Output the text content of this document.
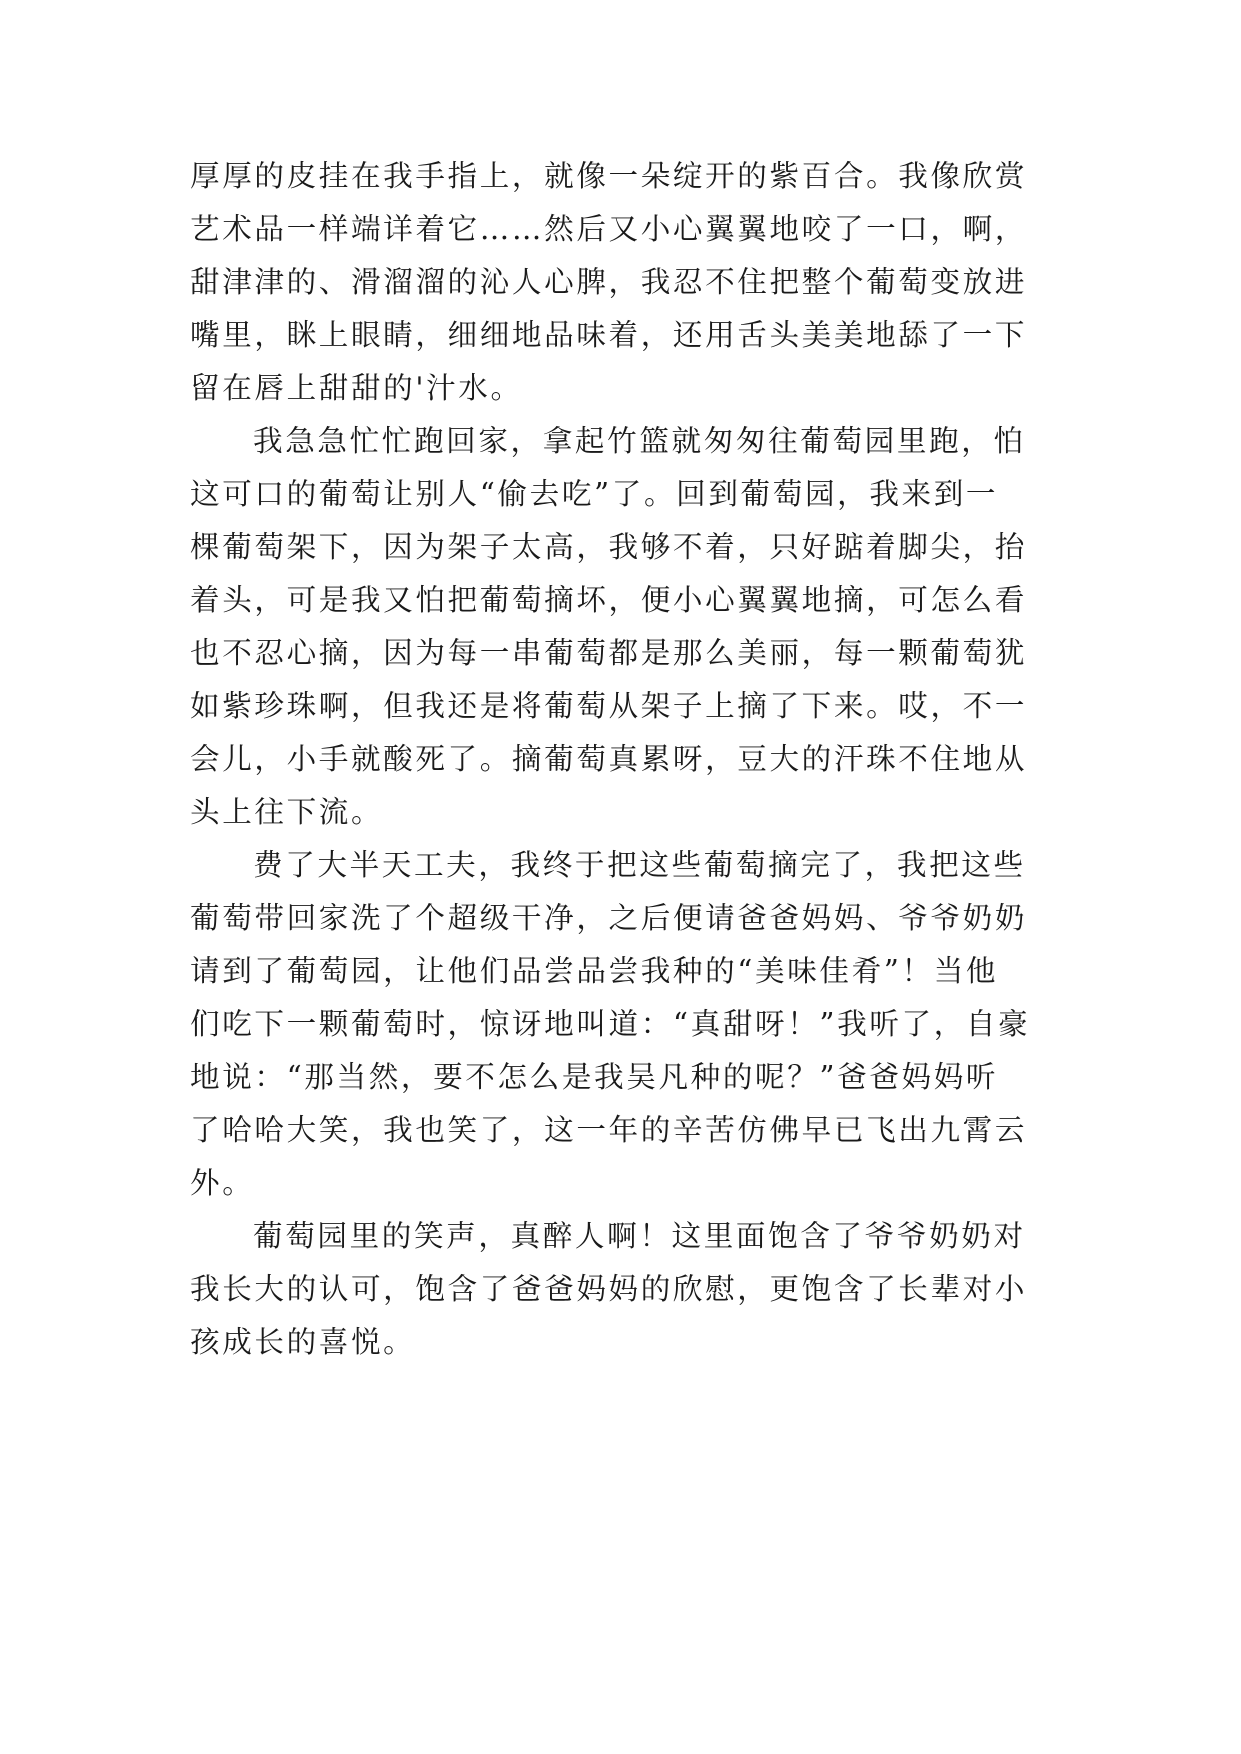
厚厚的皮挂在我手指上，就像一朵绽开的紫百合。我像欣赏
艺术品一样端详着它……然后又小心翼翼地咬了一口，啊，
甜津津的、滑溜溜的沁人心脾，我忍不住把整个葡萄变放进
嘴里，眯上眼睛，细细地品味着，还用舌头美美地舔了一下
留在唇上甜甜的'汁水。
我急急忙忙跑回家，拿起竹篮就匆匆往葡萄园里跑，怕
这可口的葡萄让别人“偷去吃”了。回到葡萄园，我来到一
棵葡萄架下，因为架子太高，我够不着，只好踮着脚尖，抬
着头，可是我又怕把葡萄摘坏，便小心翼翼地摘，可怎么看
也不忍心摘，因为每一串葡萄都是那么美丽，每一颗葡萄犹
如紫珍珠啊，但我还是将葡萄从架子上摘了下来。哎，不一
会儿，小手就酸死了。摘葡萄真累呀，豆大的汗珠不住地从
头上往下流。
费了大半天工夫，我终于把这些葡萄摘完了，我把这些
葡萄带回家洗了个超级干净，之后便请爸爸妈妈、爷爷奶奶
请到了葡萄园，让他们品尝品尝我种的“美味佳肴”！当他
们吃下一颗葡萄时，惊讶地叫道：“真甜呀！”我听了，自豪
地说：“那当然，要不怎么是我吴凡种的呢？”爸爸妈妈听
了哈哈大笑，我也笑了，这一年的辛苦仿佛早已飞出九霄云
外。
葡萄园里的笑声，真醉人啊！这里面饱含了爷爷奶奶对
我长大的认可，饱含了爸爸妈妈的欣慰，更饱含了长辈对小
孩成长的喜悦。
